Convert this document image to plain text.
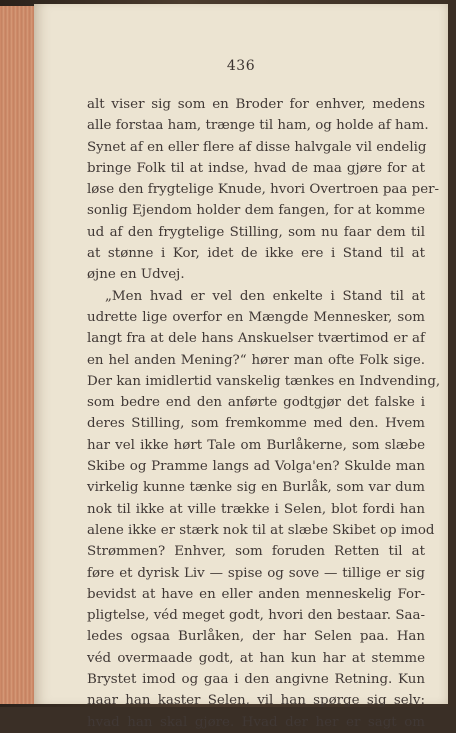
436
alt viser sig som en Broder for enhver, medens
alle forstaa ham, trænge til ham, og holde af ham.
Synet af en eller flere af disse halvgale vil endelig
bringe Folk til at indse, hvad de maa gjøre for at
løse den frygtelige Knude, hvori Overtroen paa per-
sonlig Ejendom holder dem fangen, for at komme
ud af den frygtelige Stilling, som nu faar dem til
at stønne i Kor, idet de ikke ere i Stand til at
øjne en Udvej.
„Men hvad er vel den enkelte i Stand til at
udrette lige overfor en Mængde Mennesker, som
langt fra at dele hans Anskuelser tværtimod er af
en hel anden Mening?“ hører man ofte Folk sige.
Der kan imidlertid vanskelig tænkes en Indvending,
som bedre end den anførte godtgjør det falske i
deres Stilling, som fremkomme med den. Hvem
har vel ikke hørt Tale om Burlåkerne, som slæbe
Skibe og Pramme langs ad Volga'en? Skulde man
virkelig kunne tænke sig en Burlåk, som var dum
nok til ikke at ville trække i Selen, blot fordi han
alene ikke er stærk nok til at slæbe Skibet op imod
Strømmen? Enhver, som foruden Retten til at
føre et dyrisk Liv — spise og sove — tillige er sig
bevidst at have en eller anden menneskelig For-
pligtelse, véd meget godt, hvori den bestaar. Saa-
ledes ogsaa Burlåken, der har Selen paa. Han
véd overmaade godt, at han kun har at stemme
Brystet imod og gaa i den angivne Retning. Kun
naar han kaster Selen, vil han spørge sig selv:
hvad han skal gjøre. Hvad der her er sagt om
